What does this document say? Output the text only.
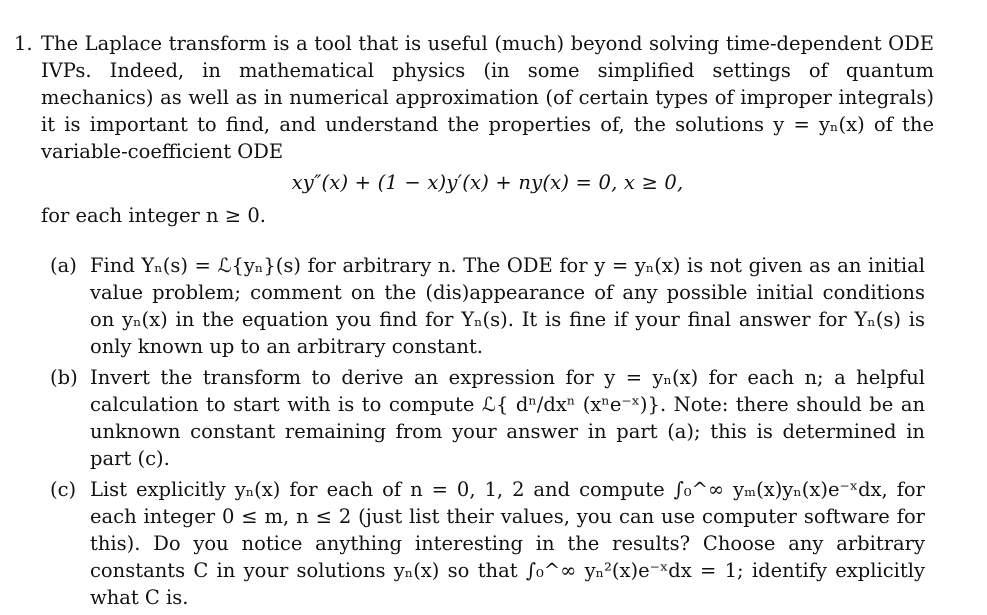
1. The Laplace transform is a tool that is useful (much) beyond solving time-dependent ODE IVPs. Indeed, in mathematical physics (in some simplified settings of quantum mechanics) as well as in numerical approximation (of certain types of improper integrals) it is important to find, and understand the properties of, the solutions y = yₙ(x) of the variable-coefficient ODE
xy″(x) + (1 − x)y′(x) + ny(x) = 0, x ≥ 0,
for each integer n ≥ 0.
(a) Find Yₙ(s) = ℒ{yₙ}(s) for arbitrary n. The ODE for y = yₙ(x) is not given as an initial value problem; comment on the (dis)appearance of any possible initial conditions on yₙ(x) in the equation you find for Yₙ(s). It is fine if your final answer for Yₙ(s) is only known up to an arbitrary constant.
(b) Invert the transform to derive an expression for y = yₙ(x) for each n; a helpful calculation to start with is to compute ℒ{ dⁿ/dxⁿ (xⁿe⁻ˣ)}. Note: there should be an unknown constant remaining from your answer in part (a); this is determined in part (c).
(c) List explicitly yₙ(x) for each of n = 0, 1, 2 and compute ∫₀^∞ yₘ(x)yₙ(x)e⁻ˣdx, for each integer 0 ≤ m, n ≤ 2 (just list their values, you can use computer software for this). Do you notice anything interesting in the results? Choose any arbitrary constants C in your solutions yₙ(x) so that ∫₀^∞ yₙ²(x)e⁻ˣdx = 1; identify explicitly what C is.
